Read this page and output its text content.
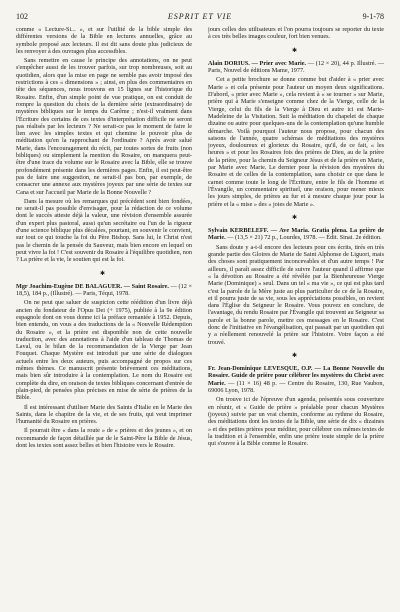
102	ESPRIT ET VIE	9-1-78

comme « Lecture-Si... », et sur l'utilité de la bible simple des différentes versions de la Bible en lectures annuelles, grâce au symbole proposé aux lecteurs. Il est dit sans doute plus judicieux de les renvoyer à des ouvrages plus accessibles.

Sans remettre en cause le principe des annotations, on ne peut s'empêcher aussi de les trouver parfois, sur trop nombreuses, soit au quotidien, alors que la mise en page ne semble pas avoir imposé des restrictions à ces « dimensions » ; ainsi, en plus des commentaires en tête des séquences, nous trouvons en 15 lignes sur l'historique du Rosaire. Enfin, d'un simple point de vue pratique, on est conduit de rompre la question du choix de la dernière série (extraordinaire) de mystères bibliques sur le temps du Carême ; n'est-il vraiment dans l'Écriture des certains de ces textes d'interprétation difficile ne seront pas réalisés par les lecteurs ? Ne serait-ce pas le moment de faire le lien avec les simples textes et qui chemine le pouvoir plus de méditation qu'en la rapprochant de l'ordinaire ? Après avoir salué Marie, dans l'encouragement du récit, par toutes sortes de fruits (non bibliques) ou simplement la mention du Rosaire, on manquera peut-être d'une trace du volume sur le Rosaire avec la Bible, elle se trouve profondément présente dans les dernières pages. Enfin, il est peut-être pas de faire une suggestion, ne serait-il pas bon, par exemple, de consacrer une annexe aux mystères joyeux par une série de textes sur Cana et sur l'accueil par Marie de la Bonne Nouvelle ?

Dans la mesure où les remarques qui précèdent sont bien fondées, ne serait-il pas possible d'envisager, pour la rédaction de ce volume dont le succès atteste déjà la valeur, une révision d'ensemble assurée d'un expert plus pastoral, aussi qu'un secrétaire ou l'un de la rigueur d'une science biblique plus décalées, pourtant, en souvenir le convient, sur tout ce qui touche la foi du Père Bishop. Sans lui, le Christ n'est pas le chemin de la pensée du Sauveur, mais bien encore en lequel on peut vivre la foi ! C'est souvenir du Rosaire à l'équilibre quotidien, non ? La prière et la vie, le soutien qui est la foi.

✱

Mgr Joachim-Eugène DE BALAGUER. — Saint Rosaire. — (12 × 18,5), 184 p., (Illustré). — Paris, Téqui, 1978.

On ne peut que saluer de suspicion cette réédition d'un livre déjà ancien du fondateur de l'Opus Dei (+ 1975), publiée à la 9e édition espagnole dont on vous donne ici la préface remaniée à 1952. Depuis, bien entendu, on vous a des traductions de la « Nouvelle Rédemption du Rosaire », et la prière est disponible non de cette nouvelle traduction, avec des annotations à l'aide d'un tableau de Thomas de Laval, ou le bilan de la recommandation de la Vierge par Jean Fouquet. Chaque Mystère est introduit par une série de dialogues actuels entre les deux auteurs, puis accompagné de propos sur ces mêmes thèmes. Ce manuscrit présente brièvement ces méditations, mais bien sûr introduire à la contemplation. Le nom du Rosaire est complète du dire, en oraison de textes bibliques concernant d'entrée de plain-pied, de pensées plus précises en mise de série de prières de la Bible.

Il est intéressant d'utiliser Marie des Saints d'Italie en le Marie des Saints, dans le chapitre de la vie, et de ses fruits, qui veut imprimer l'humanité du Rosaire en prières.

Il pourrait être « dans la route » de « prières et des jeunes », et on recommande de façon détaillée par de le Saint-Père la Bible de Jésus, dont les textes sont assez belles et bien l'histoire vers le Rosaire.

jours celles des utilisateurs et l'on pourra toujours se reporter du texte à ces très belles images couleur, fort bien venues.

✱

Alain DORIUS. — Prier avec Marie. — (12 × 20), 44 p. Illustré. — Paris, Nouvel de éditions Mame, 1977.

Cet a petite brochure se donne comme but d'aider à « prier avec Marie » et cela présente pour l'auteur un moyen deux significations. D'abord, « prier avec Marie », cela revient à « se tourner » sur Marie, prière qui à Marie s'enseigne comme chez de la Vierge, celle de la Vierge, celui du fils de la Vierge à Dieu et autre ici est Marie-Madeleine de la Visitation. Suit la méditation du chapelet de chaque dizaine ou autre pour quelques-uns de la contemplation qu'une humble démarche. Voilà pourquoi l'auteur nous propose, pour chacun des saisons de l'année, quatre schémas de méditations des mystères joyeux, douloureux et glorieux du Rosaire, qu'il, de ce fait, « les heures » et pour les Rosaires fois des prières de Dieu, au de la prière de la prière, pour la chemin du Seigneur Jésus et de la prière en Marie, par Marie avec Marie. Le dernier pour la révision des mystères du Rosaire et de celles de la contemplation, sans choisir ce que dans le carnet comme toute le long de l'Écriture, entre le fils de l'homme et l'Évangile, un commentaire spirituel, une oraison, pour mener mieux les jours simples, de prières au fur et à mesure chaque jour pour la prière et la « mise » des « joies de Marie ».

✱

Sylvain KERBELEFF. — Ave Maria. Gratia plena. La prière de Marie. — (13,5 × 21) 72 p., Lourdes, 1978. — Édit. Sinai. 2e édition.

Sans doute y a-t-il encore des lecteurs pour ces écrits, tirés en très grande partie des Gloires de Marie de Saint Alphonse de Liguori, mais des choses sont pratiquement inconcevables et d'un autre temps ! Par ailleurs, il paraît assez difficile de suivre l'auteur quand il affirme que « la dévotion au Rosaire a été révélée par la Bienheureuse Vierge Marie (Dominique) » seul. Dans un tel « ma vie », ce qui est plus tard c'est la parole de la Mère juste au plus particulier de ce de la Rosaire, et il pourra juste de sa vie, sous les appréciations possibles, on revient dans l'Église du Seigneur le Rosaire. Vous pouvez en conclure, de l'avantage, du rendu Rosaire par l'Évangile qui trouvent au Seigneur sa parole et la bonne parole, mettre ces messages en le Rosaire. C'est donc de l'initiative en l'évangélisation, qui passait par un quotidien qui y a réellement renouvelé la prière sur l'histoire. Votre façon a été trouvé.

✱

Fr. Jean-Dominique LEVESQUE, O.P. — La Bonne Nouvelle du Rosaire. Guide de prière pour célébrer les mystères du Christ avec Marie. — (11 × 16) 48 p. — Centre du Rosaire, 130, Rue Vaubon, 69006 Lyon, 1978.

On trouve ici de l'épreuve d'un agenda, présentés sous couverture en réunir, et « Guide de prière » préalable pour chacun Mystères (joyeux) suivie par un vrai chemin, conforme au rythme du Rosaire, des méditations dont les textes de la Bible, une série de dix « dizaines » et des petites prières pour méditer, pour célébrer ces mêmes textes de la tradition et à l'ensemble, enfin une prière toute simple de la prière qui s'ouvre à la Bible comme le Rosaire.
